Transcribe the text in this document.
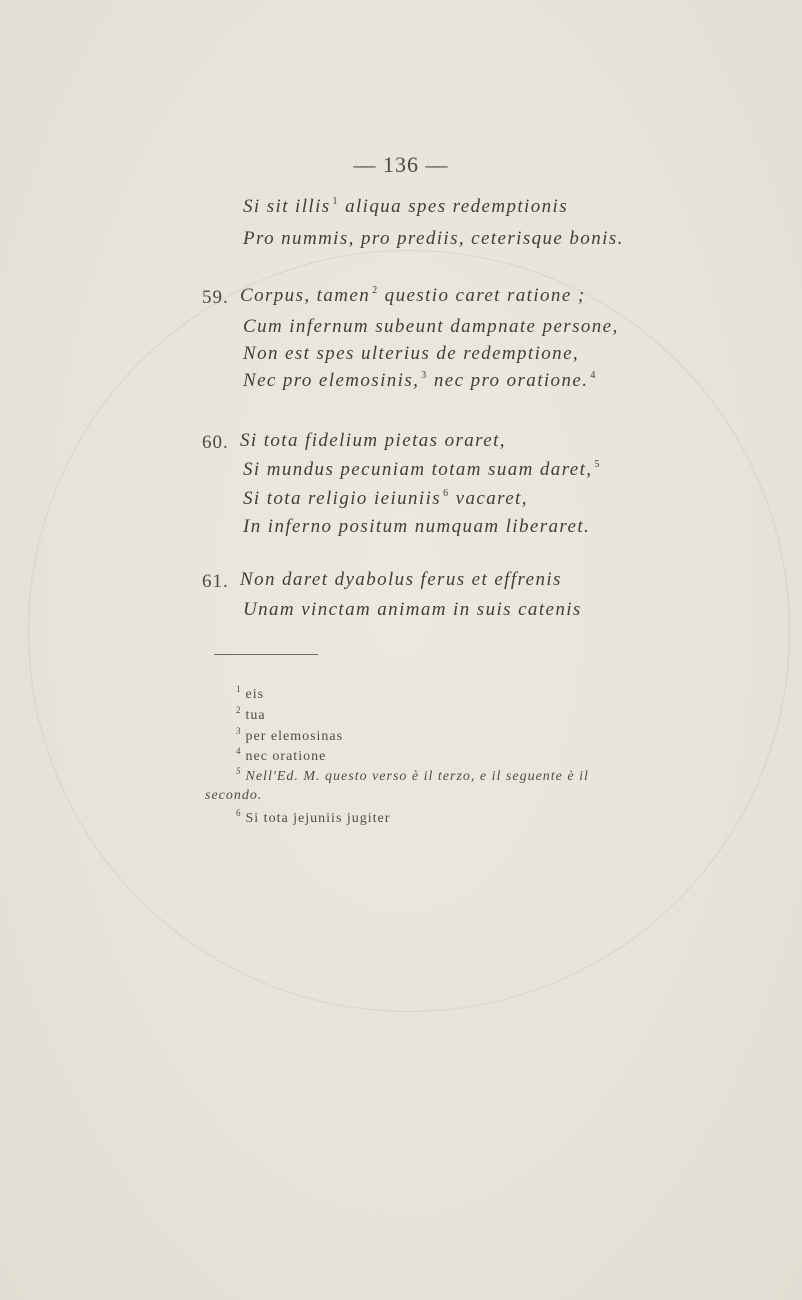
— 136 —
Si sit illis $^1$ aliqua spes redemptionis
Pro nummis, pro prediis, ceterisque bonis.
59. Corpus, tamen $^2$ questio caret ratione ;
Cum infernum subeunt dampnate persone,
Non est spes ulterius de redemptione,
Nec pro elemosinis, $^3$ nec pro oratione. $^4$
60. Si tota fidelium pietas oraret,
Si mundus pecuniam totam suam daret, $^5$
Si tota religio ieiuniis $^6$ vacaret,
In inferno positum numquam liberaret.
61. Non daret dyabolus ferus et effrenis
Unam vinctam animam in suis catenis
$^1$ eis
$^2$ tua
$^3$ per elemosinas
$^4$ nec oratione
$^5$ Nell'Ed. M. questo verso è il terzo, e il seguente è il
secondo.
$^6$ Si tota jejuniis jugiter
